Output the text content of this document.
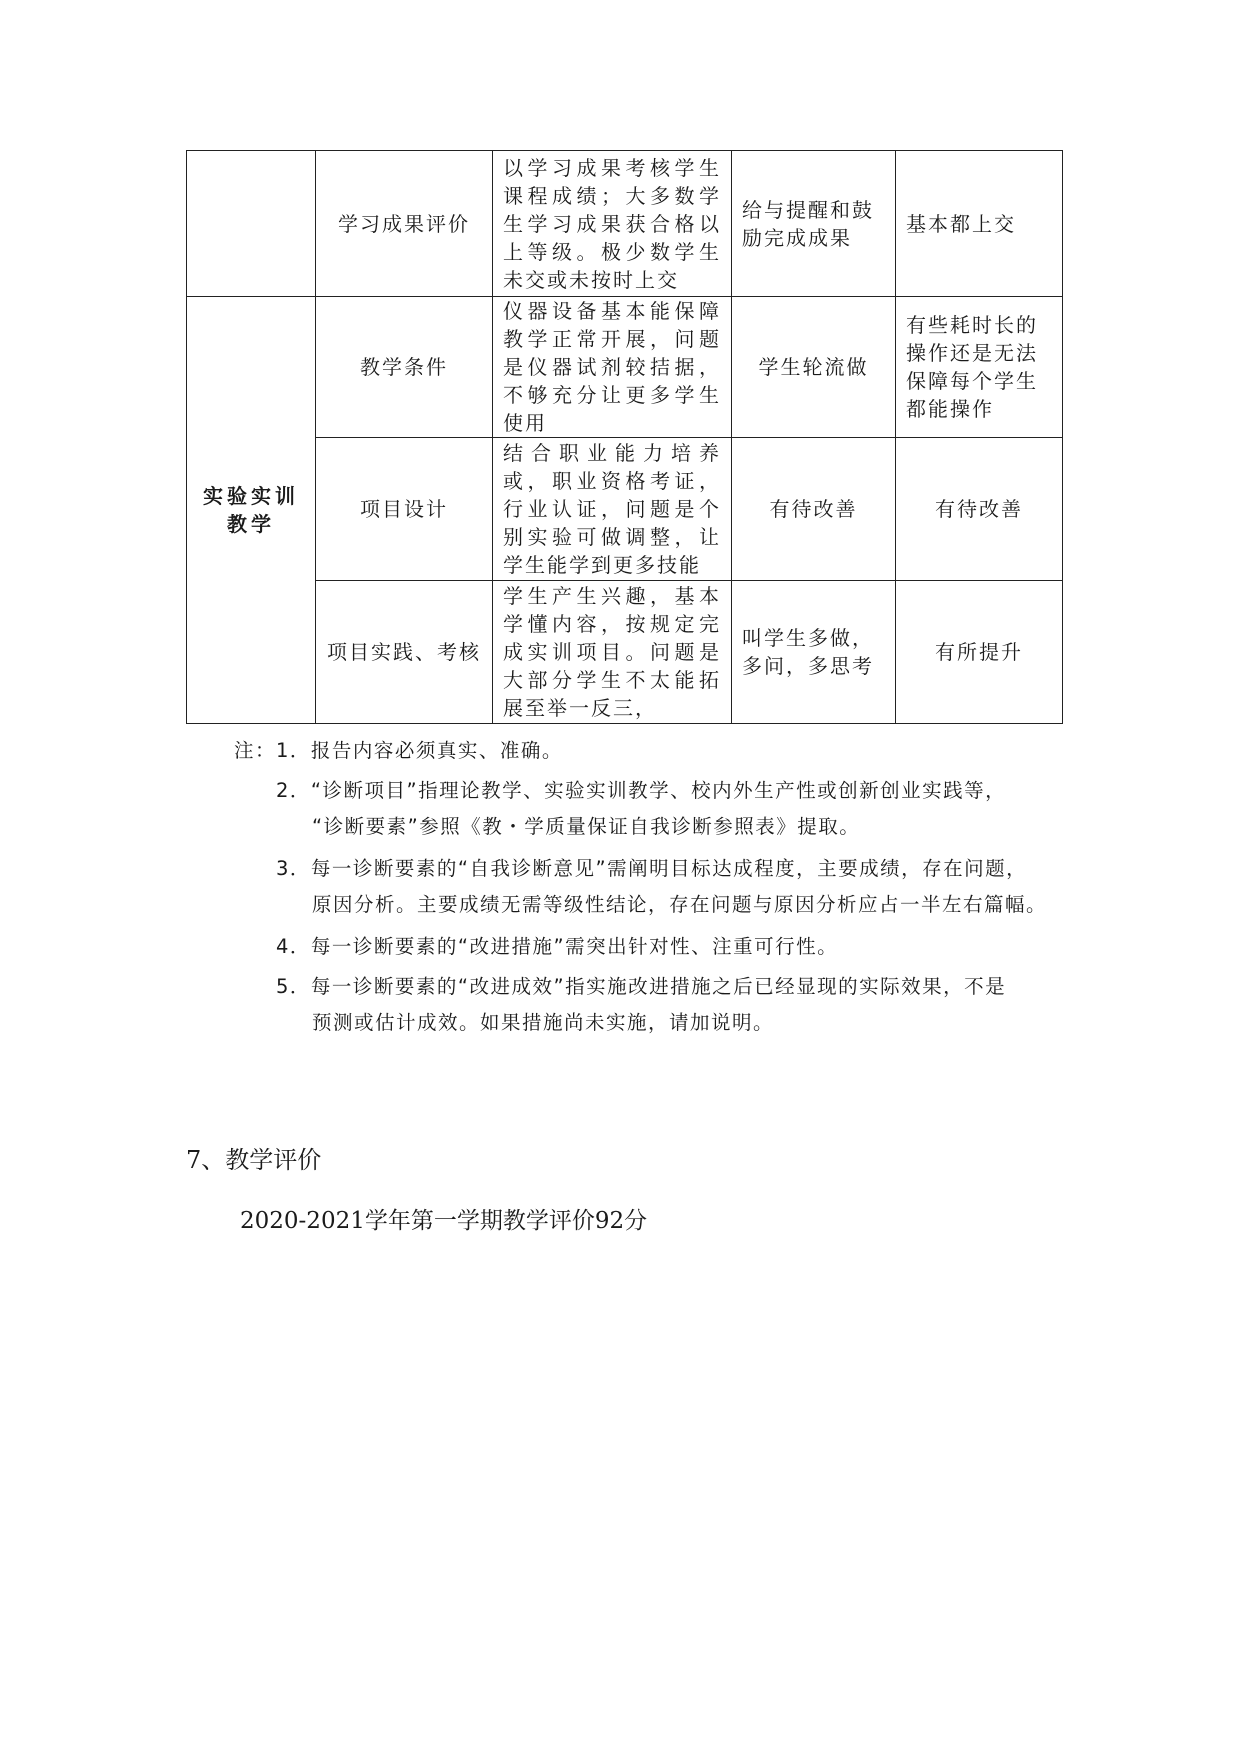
	学习成果评价	以学习成果考核学生课程成绩；大多数学生学习成果获合格以上等级。极少数学生未交或未按时上交	给与提醒和鼓励完成成果	基本都上交
实验实训教学	教学条件	仪器设备基本能保障教学正常开展，问题是仪器试剂较拮据，不够充分让更多学生使用	学生轮流做	有些耗时长的操作还是无法保障每个学生都能操作
	项目设计	结合职业能力培养或，职业资格考证，行业认证，问题是个别实验可做调整，让学生能学到更多技能	有待改善	有待改善
	项目实践、考核	学生产生兴趣，基本学懂内容，按规定完成实训项目。问题是大部分学生不太能拓展至举一反三，	叫学生多做，多问，多思考	有所提升
注： 1．报告内容必须真实、准确。
2．“诊断项目”指理论教学、实验实训教学、校内外生产性或创新创业实践等，
“诊断要素”参照《教・学质量保证自我诊断参照表》提取。
3．每一诊断要素的“自我诊断意见”需阐明目标达成程度，主要成绩，存在问题，
原因分析。主要成绩无需等级性结论，存在问题与原因分析应占一半左右篇幅。
4．每一诊断要素的“改进措施”需突出针对性、注重可行性。
5．每一诊断要素的“改进成效”指实施改进措施之后已经显现的实际效果，不是
预测或估计成效。如果措施尚未实施，请加说明。
7、教学评价
2020-2021学年第一学期教学评价92分
